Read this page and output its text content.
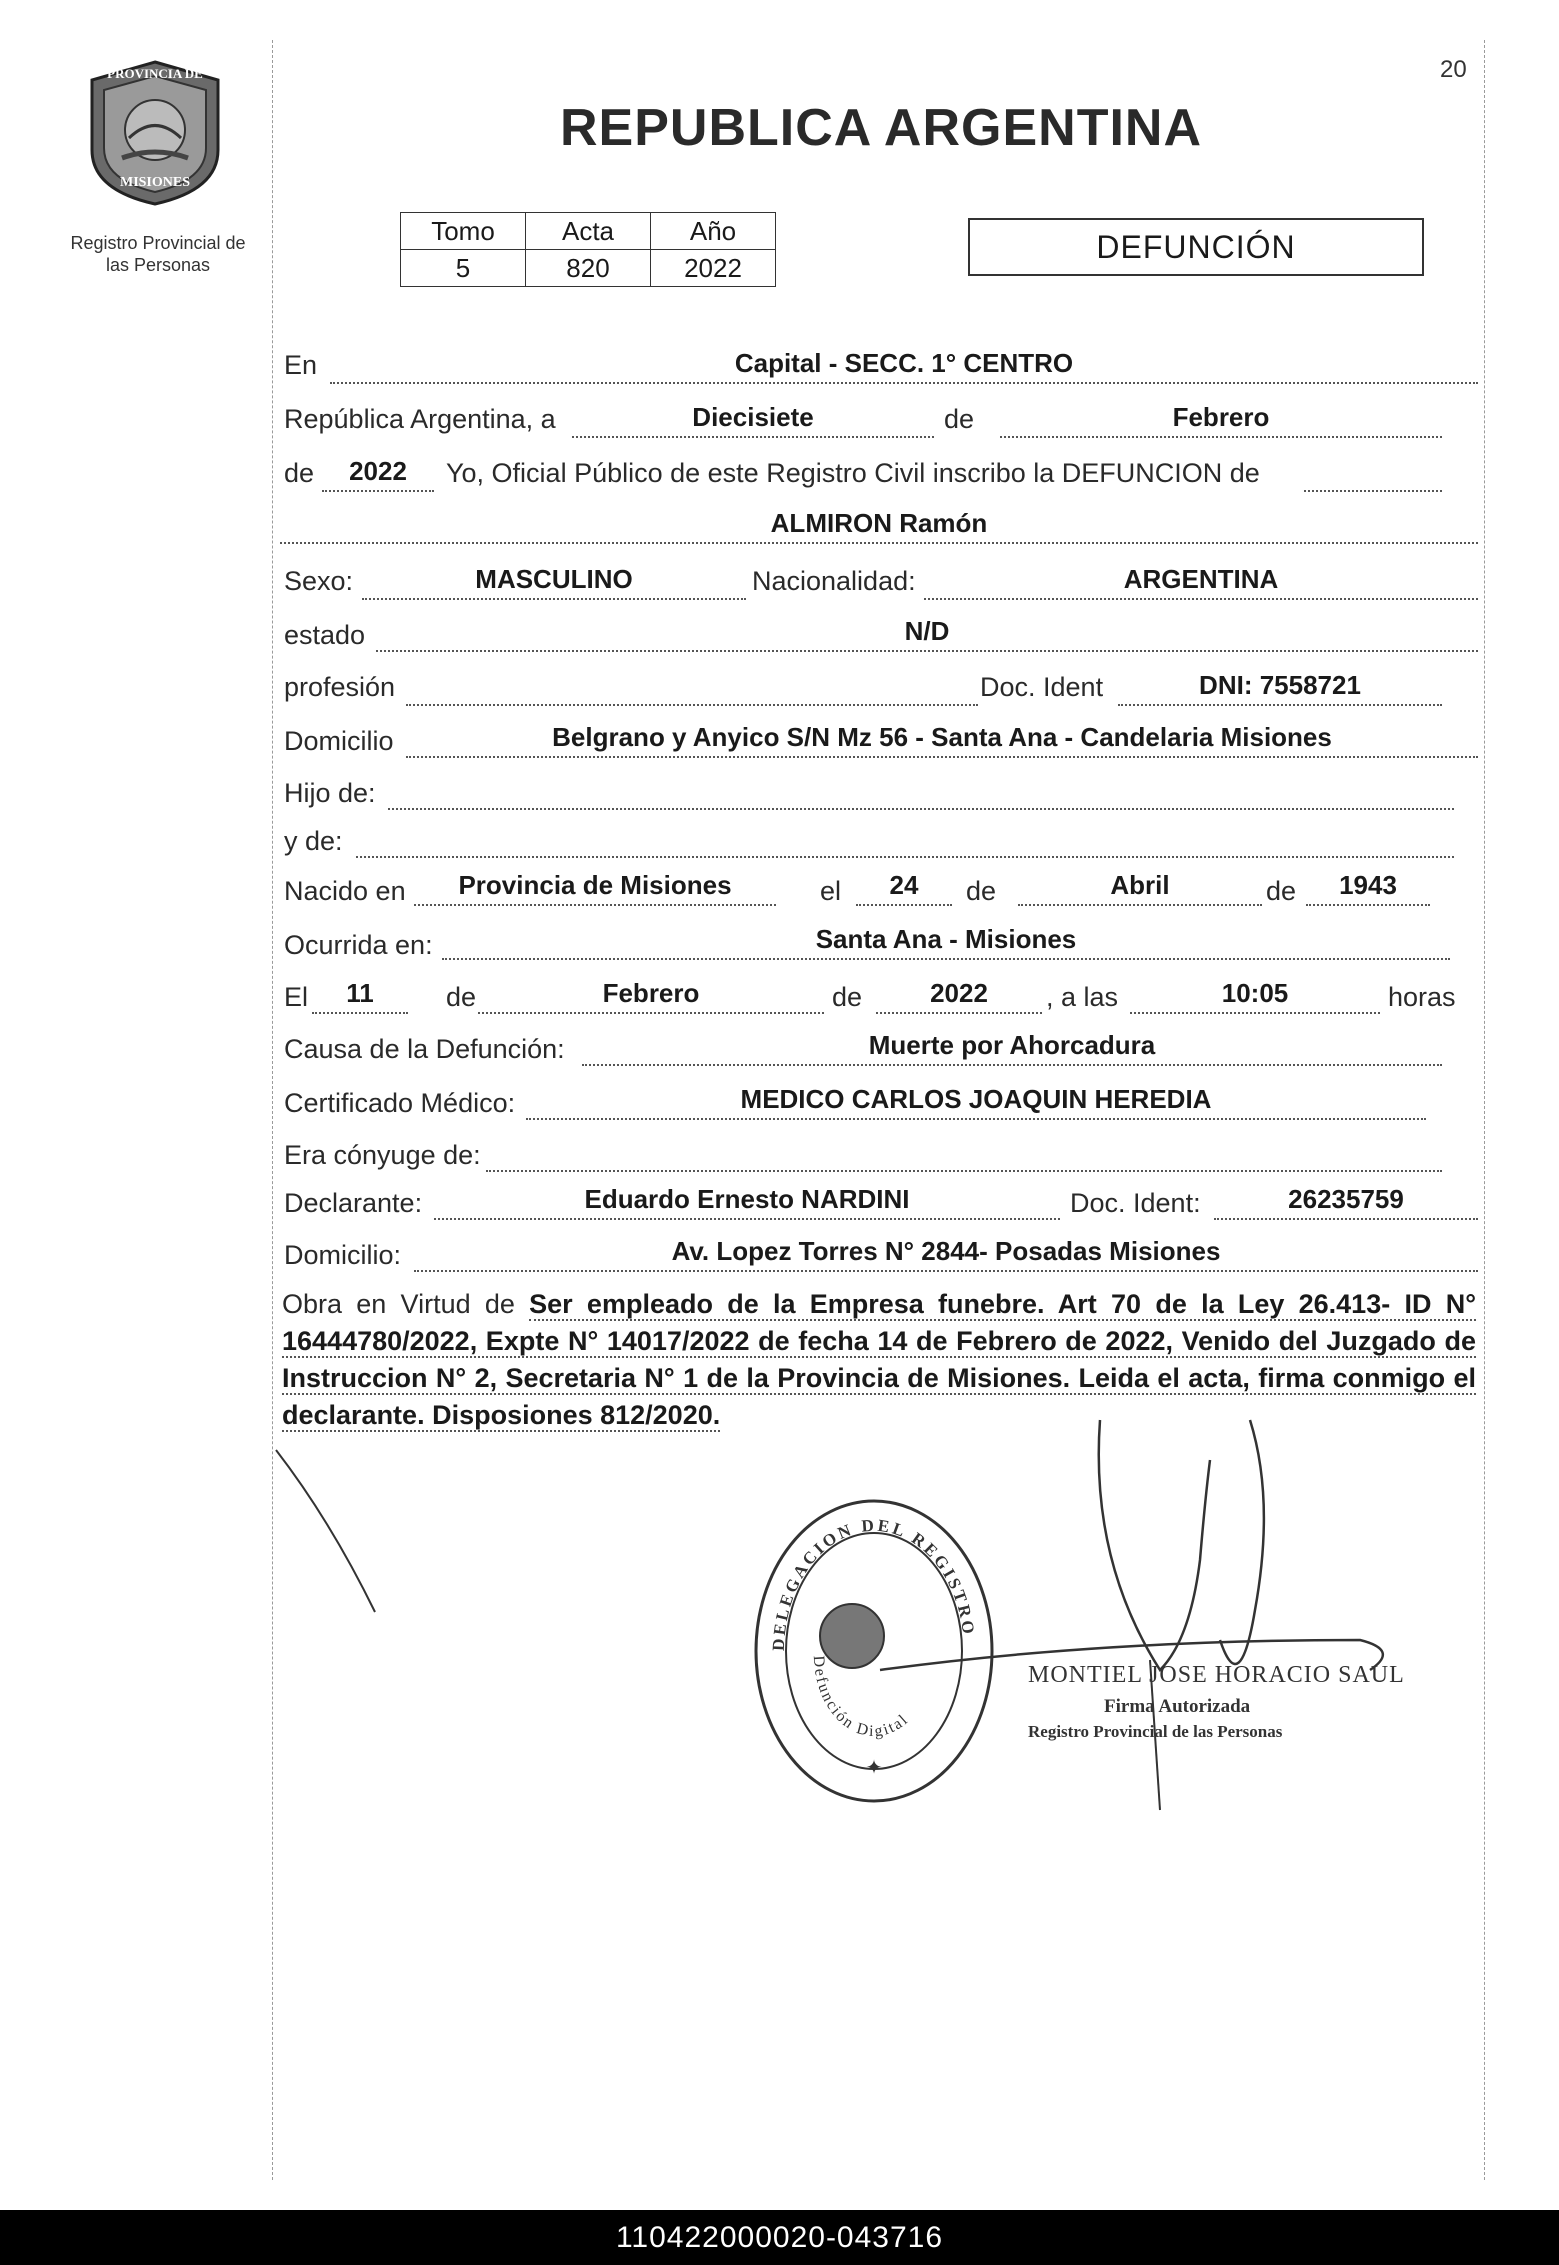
20
PROVINCIA DE
MISIONES
Registro Provincial de
las Personas
REPUBLICA ARGENTINA
Tomo	Acta	Año
5	820	2022
DEFUNCIÓN
En	Capital - SECC. 1° CENTRO
República Argentina, a	Diecisiete	de	Febrero
de	2022	Yo, Oficial Público de este Registro Civil inscribo la DEFUNCION de
ALMIRON Ramón
Sexo:	MASCULINO	Nacionalidad:	ARGENTINA
estado	N/D
profesión	Doc. Ident	DNI: 7558721
Domicilio	Belgrano y Anyico S/N Mz 56 - Santa Ana - Candelaria Misiones
Hijo de:
y de:
Nacido en	Provincia de Misiones	el	24	de	Abril	de	1943
Ocurrida en:	Santa Ana - Misiones
El	11	de	Febrero	de	2022	, a las	10:05	horas
Causa de la Defunción:	Muerte por Ahorcadura
Certificado Médico:	MEDICO CARLOS JOAQUIN HEREDIA
Era cónyuge de:
Declarante:	Eduardo Ernesto NARDINI	Doc. Ident:	26235759
Domicilio:	Av. Lopez Torres N° 2844- Posadas Misiones
Obra en Virtud de Ser empleado de la Empresa funebre. Art 70 de la Ley 26.413- ID N° 16444780/2022, Expte N° 14017/2022 de fecha 14 de Febrero de 2022, Venido del Juzgado de Instruccion N° 2, Secretaria N° 1 de la Provincia de Misiones. Leida el acta, firma conmigo el declarante. Disposiones 812/2020.
DELEGACION DEL REGISTRO
Defunción Digital
✦
MONTIEL JOSE HORACIO SAUL
Firma Autorizada
Registro Provincial de las Personas
110422000020-043716
